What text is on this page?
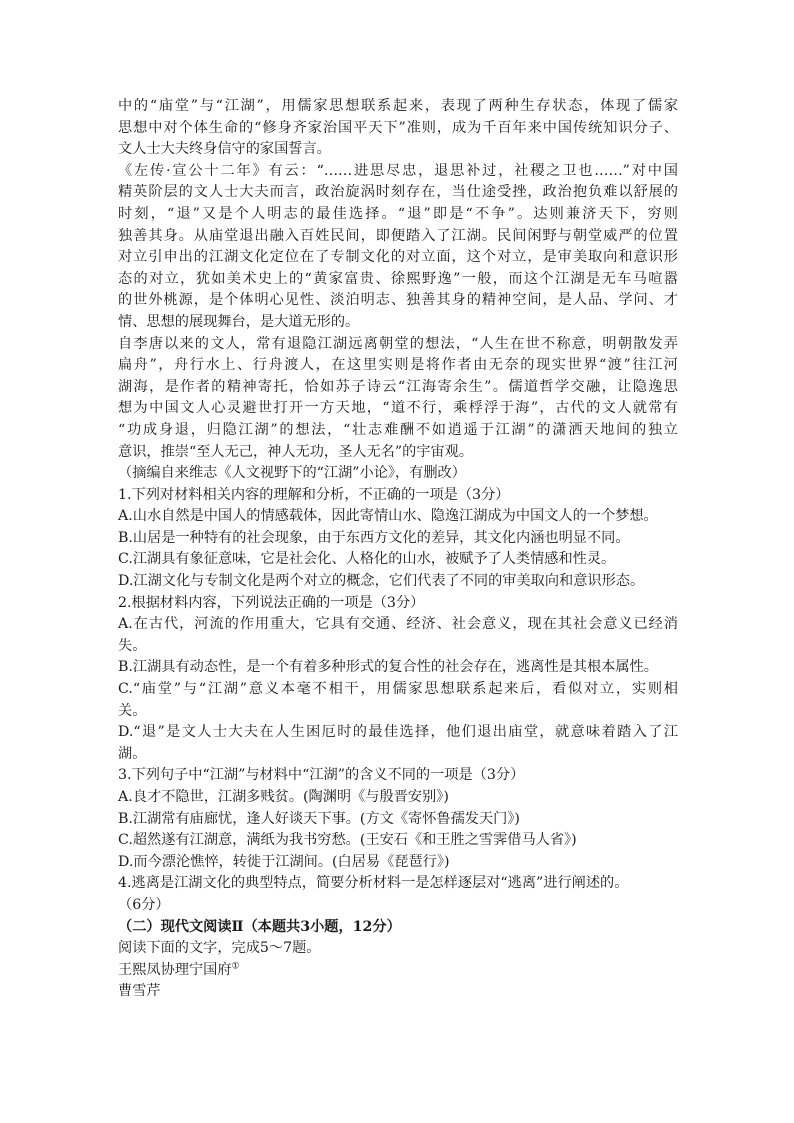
中的“庙堂”与“江湖”，用儒家思想联系起来，表现了两种生存状态，体现了儒家
思想中对个体生命的“修身齐家治国平天下”准则，成为千百年来中国传统知识分子、
文人士大夫终身信守的家国誓言。
《左传·宣公十二年》有云：“……进思尽忠，退思补过，社稷之卫也……”对中国
精英阶层的文人士大夫而言，政治旋涡时刻存在，当仕途受挫，政治抱负难以舒展的
时刻，“退”又是个人明志的最佳选择。“退”即是“不争”。达则兼济天下，穷则
独善其身。从庙堂退出融入百姓民间，即便踏入了江湖。民间闲野与朝堂威严的位置
对立引申出的江湖文化定位在了专制文化的对立面，这个对立，是审美取向和意识形
态的对立，犹如美术史上的“黄家富贵、徐熙野逸”一般，而这个江湖是无车马喧嚣
的世外桃源，是个体明心见性、淡泊明志、独善其身的精神空间，是人品、学问、才
情、思想的展现舞台，是大道无形的。
自李唐以来的文人，常有退隐江湖远离朝堂的想法，“人生在世不称意，明朝散发弄
扁舟”，舟行水上、行舟渡人，在这里实则是将作者由无奈的现实世界“渡”往江河
湖海，是作者的精神寄托，恰如苏子诗云“江海寄余生”。儒道哲学交融，让隐逸思
想为中国文人心灵避世打开一方天地，“道不行，乘桴浮于海”，古代的文人就常有
“功成身退，归隐江湖”的想法，“壮志难酬不如逍遥于江湖”的潇洒天地间的独立
意识，推崇“至人无己，神人无功，圣人无名”的宇宙观。
（摘编自来维志《人文视野下的“江湖”小论》，有删改）
1.下列对材料相关内容的理解和分析，不正确的一项是（3分）
A.山水自然是中国人的情感载体，因此寄情山水、隐逸江湖成为中国文人的一个梦想。
B.山居是一种特有的社会现象，由于东西方文化的差异，其文化内涵也明显不同。
C.江湖具有象征意味，它是社会化、人格化的山水，被赋予了人类情感和性灵。
D.江湖文化与专制文化是两个对立的概念，它们代表了不同的审美取向和意识形态。
2.根据材料内容，下列说法正确的一项是（3分）
A.在古代，河流的作用重大，它具有交通、经济、社会意义，现在其社会意义已经消
失。
B.江湖具有动态性，是一个有着多种形式的复合性的社会存在，逃离性是其根本属性。
C.“庙堂”与“江湖”意义本毫不相干，用儒家思想联系起来后，看似对立，实则相
关。
D.“退”是文人士大夫在人生困厄时的最佳选择，他们退出庙堂，就意味着踏入了江
湖。
3.下列句子中“江湖”与材料中“江湖”的含义不同的一项是（3分）
A.良才不隐世，江湖多贱贫。(陶渊明《与殷晋安别》)
B.江湖常有庙廊忧，逢人好谈天下事。(方文《寄怀鲁孺发天门》)
C.超然遂有江湖意，满纸为我书穷愁。(王安石《和王胜之雪霁借马人省》)
D.而今漂沦憔悴，转徙于江湖间。(白居易《琵琶行》)
4.逃离是江湖文化的典型特点，简要分析材料一是怎样逐层对“逃离”进行阐述的。
（6分）
（二）现代文阅读Ⅱ（本题共3小题，12分）
阅读下面的文字，完成5～7题。
王熙凤协理宁国府①
曹雪芹
